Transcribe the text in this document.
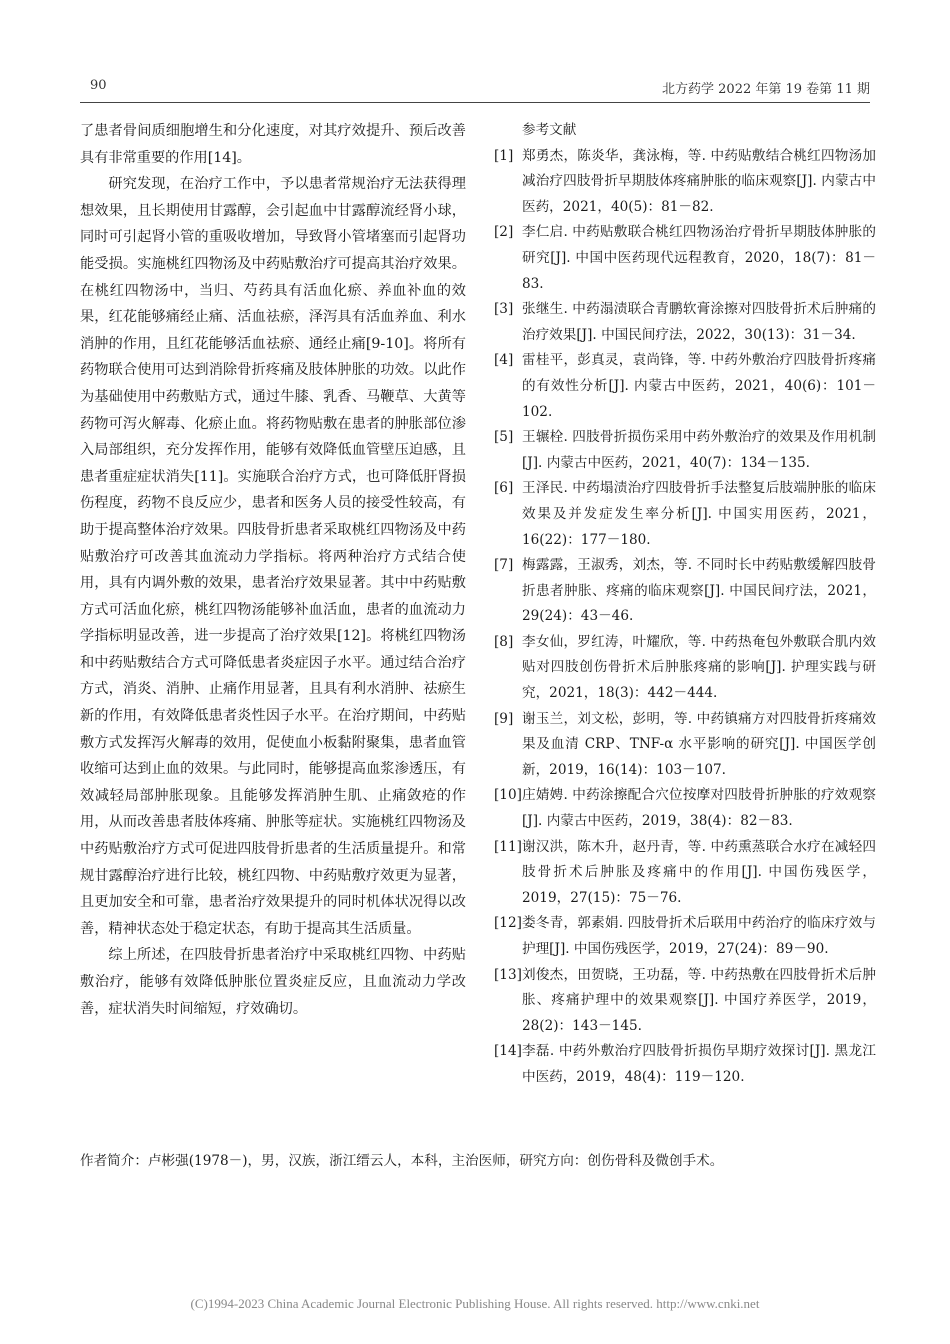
90	北方药学 2022 年第 19 卷第 11 期

了患者骨间质细胞增生和分化速度，对其疗效提升、预后改善具有非常重要的作用[14]。

研究发现，在治疗工作中，予以患者常规治疗无法获得理想效果，且长期使用甘露醇，会引起血中甘露醇流经肾小球，同时可引起肾小管的重吸收增加，导致肾小管堵塞而引起肾功能受损。实施桃红四物汤及中药贴敷治疗可提高其治疗效果。在桃红四物汤中，当归、芍药具有活血化瘀、养血补血的效果，红花能够痛经止痛、活血祛瘀，泽泻具有活血养血、利水消肿的作用，且红花能够活血祛瘀、通经止痛[9-10]。将所有药物联合使用可达到消除骨折疼痛及肢体肿胀的功效。以此作为基础使用中药敷贴方式，通过牛膝、乳香、马鞭草、大黄等药物可泻火解毒、化瘀止血。将药物贴敷在患者的肿胀部位渗入局部组织，充分发挥作用，能够有效降低血管壁压迫感，且患者重症症状消失[11]。实施联合治疗方式，也可降低肝肾损伤程度，药物不良反应少，患者和医务人员的接受性较高，有助于提高整体治疗效果。四肢骨折患者采取桃红四物汤及中药贴敷治疗可改善其血流动力学指标。将两种治疗方式结合使用，具有内调外敷的效果，患者治疗效果显著。其中中药贴敷方式可活血化瘀，桃红四物汤能够补血活血，患者的血流动力学指标明显改善，进一步提高了治疗效果[12]。将桃红四物汤和中药贴敷结合方式可降低患者炎症因子水平。通过结合治疗方式，消炎、消肿、止痛作用显著，且具有利水消肿、祛瘀生新的作用，有效降低患者炎性因子水平。在治疗期间，中药贴敷方式发挥泻火解毒的效用，促使血小板黏附聚集，患者血管收缩可达到止血的效果。与此同时，能够提高血浆渗透压，有效减轻局部肿胀现象。且能够发挥消肿生肌、止痛敛疮的作用，从而改善患者肢体疼痛、肿胀等症状。实施桃红四物汤及中药贴敷治疗方式可促进四肢骨折患者的生活质量提升。和常规甘露醇治疗进行比较，桃红四物、中药贴敷疗效更为显著，且更加安全和可靠，患者治疗效果提升的同时机体状况得以改善，精神状态处于稳定状态，有助于提高其生活质量。

综上所述，在四肢骨折患者治疗中采取桃红四物、中药贴敷治疗，能够有效降低肿胀位置炎症反应，且血流动力学改善，症状消失时间缩短，疗效确切。

参考文献

[1] 郑勇杰，陈炎华，龚泳梅，等. 中药贴敷结合桃红四物汤加减治疗四肢骨折早期肢体疼痛肿胀的临床观察[J]. 内蒙古中医药，2021，40(5)：81－82.
[2] 李仁启. 中药贴敷联合桃红四物汤治疗骨折早期肢体肿胀的研究[J]. 中国中医药现代远程教育，2020，18(7)：81－83.
[3] 张继生. 中药溻渍联合青鹏软膏涂擦对四肢骨折术后肿痛的治疗效果[J]. 中国民间疗法，2022，30(13)：31－34.
[4] 雷桂平，彭真灵，袁尚锋，等. 中药外敷治疗四肢骨折疼痛的有效性分析[J]. 内蒙古中医药，2021，40(6)：101－102.
[5] 王辗栓. 四肢骨折损伤采用中药外敷治疗的效果及作用机制[J]. 内蒙古中医药，2021，40(7)：134－135.
[6] 王泽民. 中药塌渍治疗四肢骨折手法整复后肢端肿胀的临床效果及并发症发生率分析[J]. 中国实用医药，2021，16(22)：177－180.
[7] 梅露露，王淑秀，刘杰，等. 不同时长中药贴敷缓解四肢骨折患者肿胀、疼痛的临床观察[J]. 中国民间疗法，2021，29(24)：43－46.
[8] 李女仙，罗红涛，叶耀欣，等. 中药热奄包外敷联合肌内效贴对四肢创伤骨折术后肿胀疼痛的影响[J]. 护理实践与研究，2021，18(3)：442－444.
[9] 谢玉兰，刘文松，彭明，等. 中药镇痛方对四肢骨折疼痛效果及血清 CRP、TNF-α 水平影响的研究[J]. 中国医学创新，2019，16(14)：103－107.
[10] 庄婧娉. 中药涂擦配合穴位按摩对四肢骨折肿胀的疗效观察[J]. 内蒙古中医药，2019，38(4)：82－83.
[11] 谢汉洪，陈木升，赵丹青，等. 中药熏蒸联合水疗在减轻四肢骨折术后肿胀及疼痛中的作用[J]. 中国伤残医学，2019，27(15)：75－76.
[12] 娄冬青，郭素娟. 四肢骨折术后联用中药治疗的临床疗效与护理[J]. 中国伤残医学，2019，27(24)：89－90.
[13] 刘俊杰，田贺晓，王功磊，等. 中药热敷在四肢骨折术后肿胀、疼痛护理中的效果观察[J]. 中国疗养医学，2019，28(2)：143－145.
[14] 李磊. 中药外敷治疗四肢骨折损伤早期疗效探讨[J]. 黑龙江中医药，2019，48(4)：119－120.
作者简介：卢彬强(1978－)，男，汉族，浙江缙云人，本科，主治医师，研究方向：创伤骨科及微创手术。
(C)1994-2023 China Academic Journal Electronic Publishing House. All rights reserved. http://www.cnki.net
